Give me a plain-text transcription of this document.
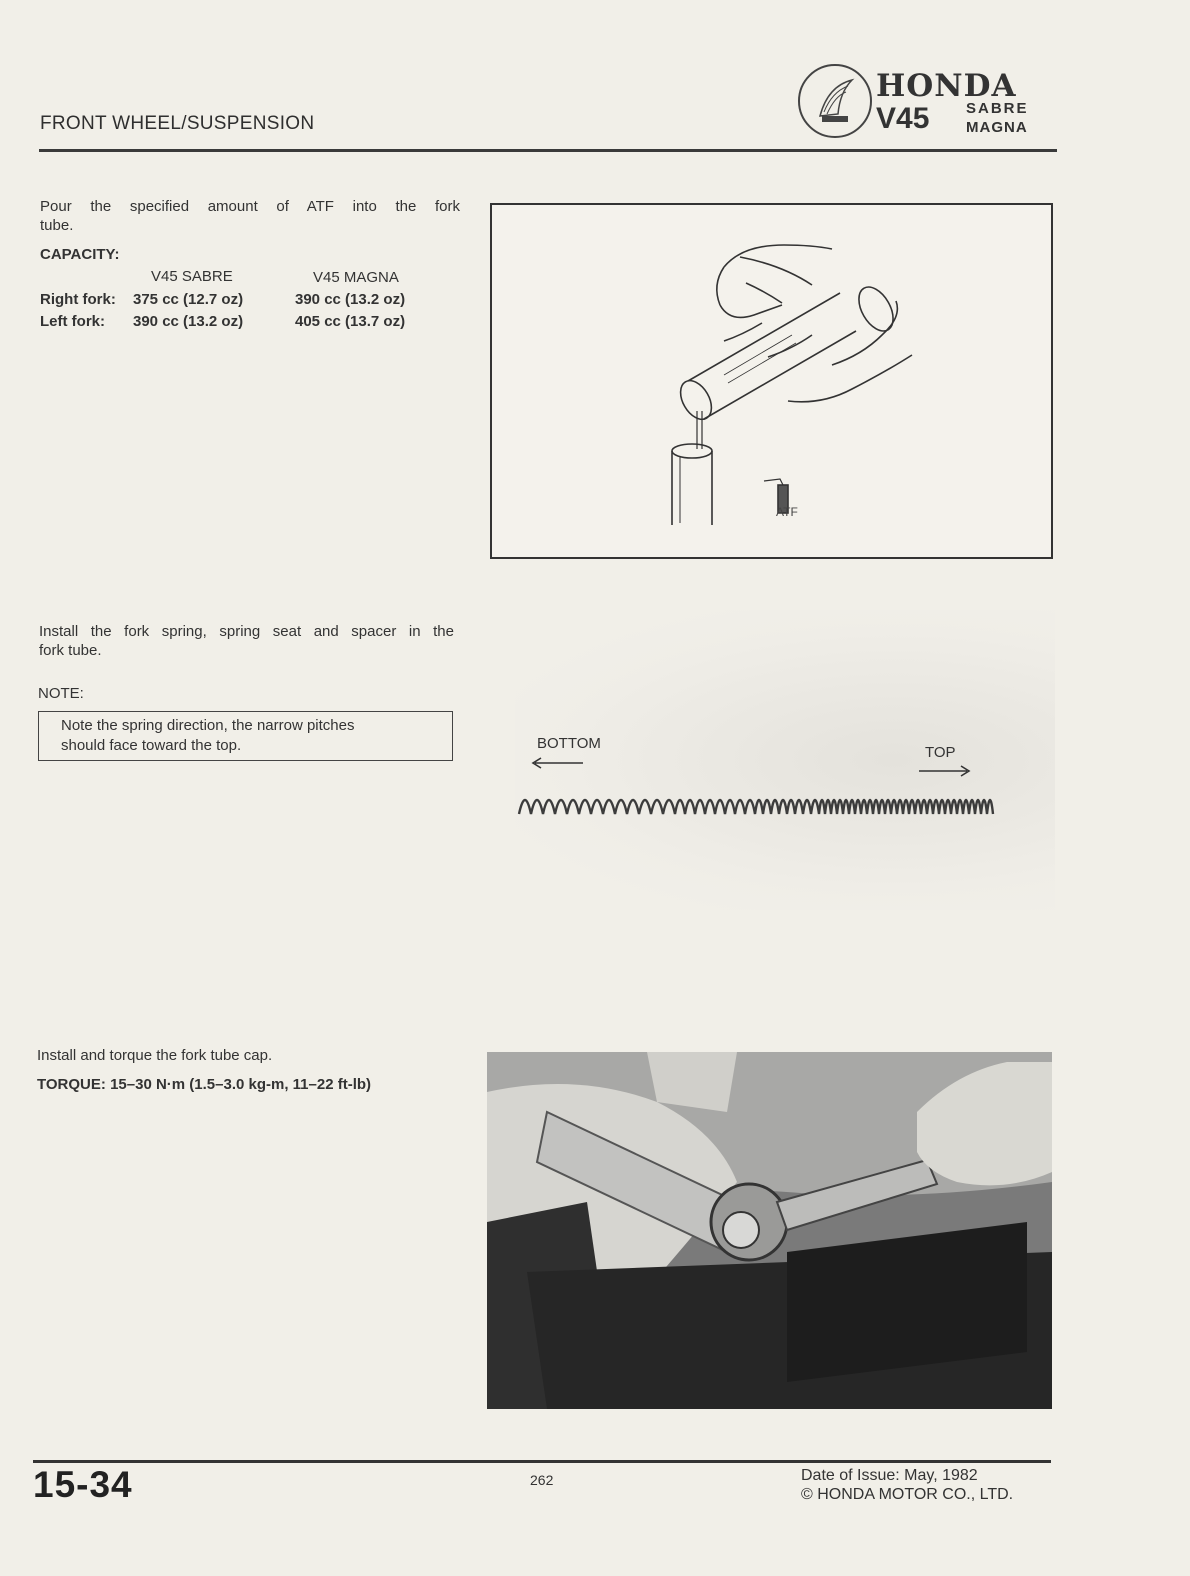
FRONT WHEEL/SUSPENSION
HONDA
V45 SABRE
MAGNA
Pour the specified amount of ATF into the fork
tube.
CAPACITY:
V45 SABRE	V45 MAGNA
Right fork: 375 cc (12.7 oz)	390 cc (13.2 oz)
Left fork: 390 cc (13.2 oz)	405 cc (13.7 oz)
ATF
Install the fork spring, spring seat and spacer in the
fork tube.
NOTE:
Note the spring direction, the narrow pitches
should face toward the top.	BOTTOM
TOP
Install and torque the fork tube cap.
TORQUE: 15–30 N·m (1.5–3.0 kg-m, 11–22 ft-lb)
15-34	262	Date of Issue: May, 1982
© HONDA MOTOR CO., LTD.
